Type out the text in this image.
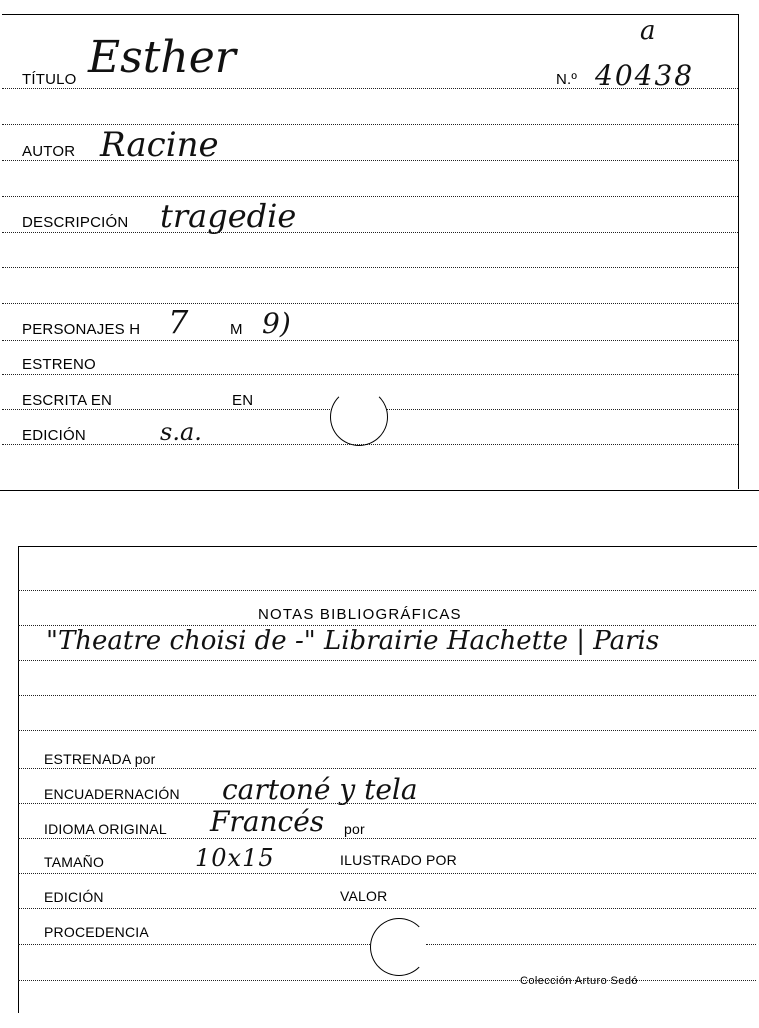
a
TÍTULO Esther	N.º 40438
AUTOR Racine
DESCRIPCIÓN tragedie
PERSONAJES H 7	M 9)
ESTRENO
ESCRITA EN	EN
EDICIÓN	s.a.
NOTAS BIBLIOGRÁFICAS
"Theatre choisi de -" Librairie Hachette | Paris
ESTRENADA por
ENCUADERNACIÓN cartoné y tela
IDIOMA ORIGINAL Francés por
TAMAÑO	10x15	ILUSTRADO POR
EDICIÓN	VALOR
PROCEDENCIA
Colección Arturo Sedó
